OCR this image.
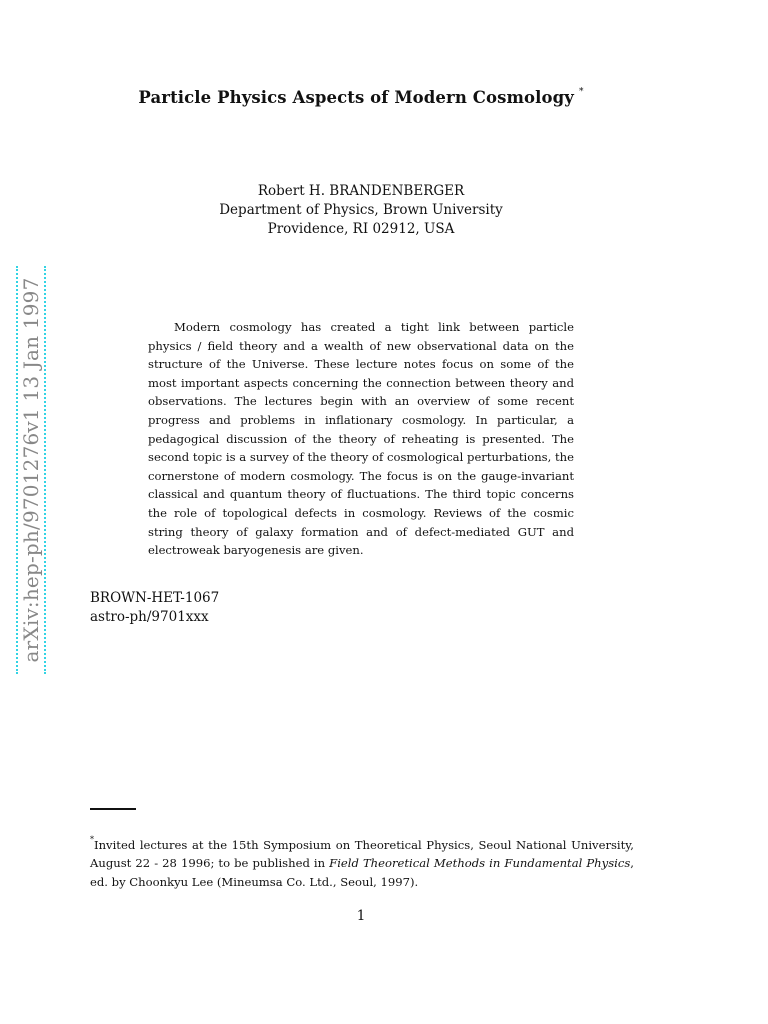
arXiv:hep-ph/9701276v1 13 Jan 1997
Particle Physics Aspects of Modern Cosmology *
Robert H. BRANDENBERGER
Department of Physics, Brown University
Providence, RI 02912, USA

Modern cosmology has created a tight link between particle physics / field theory and a wealth of new observational data on the structure of the Universe. These lecture notes focus on some of the most important aspects concerning the connection between theory and observations. The lectures begin with an overview of some recent progress and problems in inflationary cosmology. In particular, a pedagogical discussion of the theory of reheating is presented. The second topic is a survey of the theory of cosmological perturbations, the cornerstone of modern cosmology. The focus is on the gauge-invariant classical and quantum theory of fluctuations. The third topic concerns the role of topological defects in cosmology. Reviews of the cosmic string theory of galaxy formation and of defect-mediated GUT and electroweak baryogenesis are given.

BROWN-HET-1067
astro-ph/9701xxx
*Invited lectures at the 15th Symposium on Theoretical Physics, Seoul National University, August 22 - 28 1996; to be published in Field Theoretical Methods in Fundamental Physics, ed. by Choonkyu Lee (Mineumsa Co. Ltd., Seoul, 1997).
1
